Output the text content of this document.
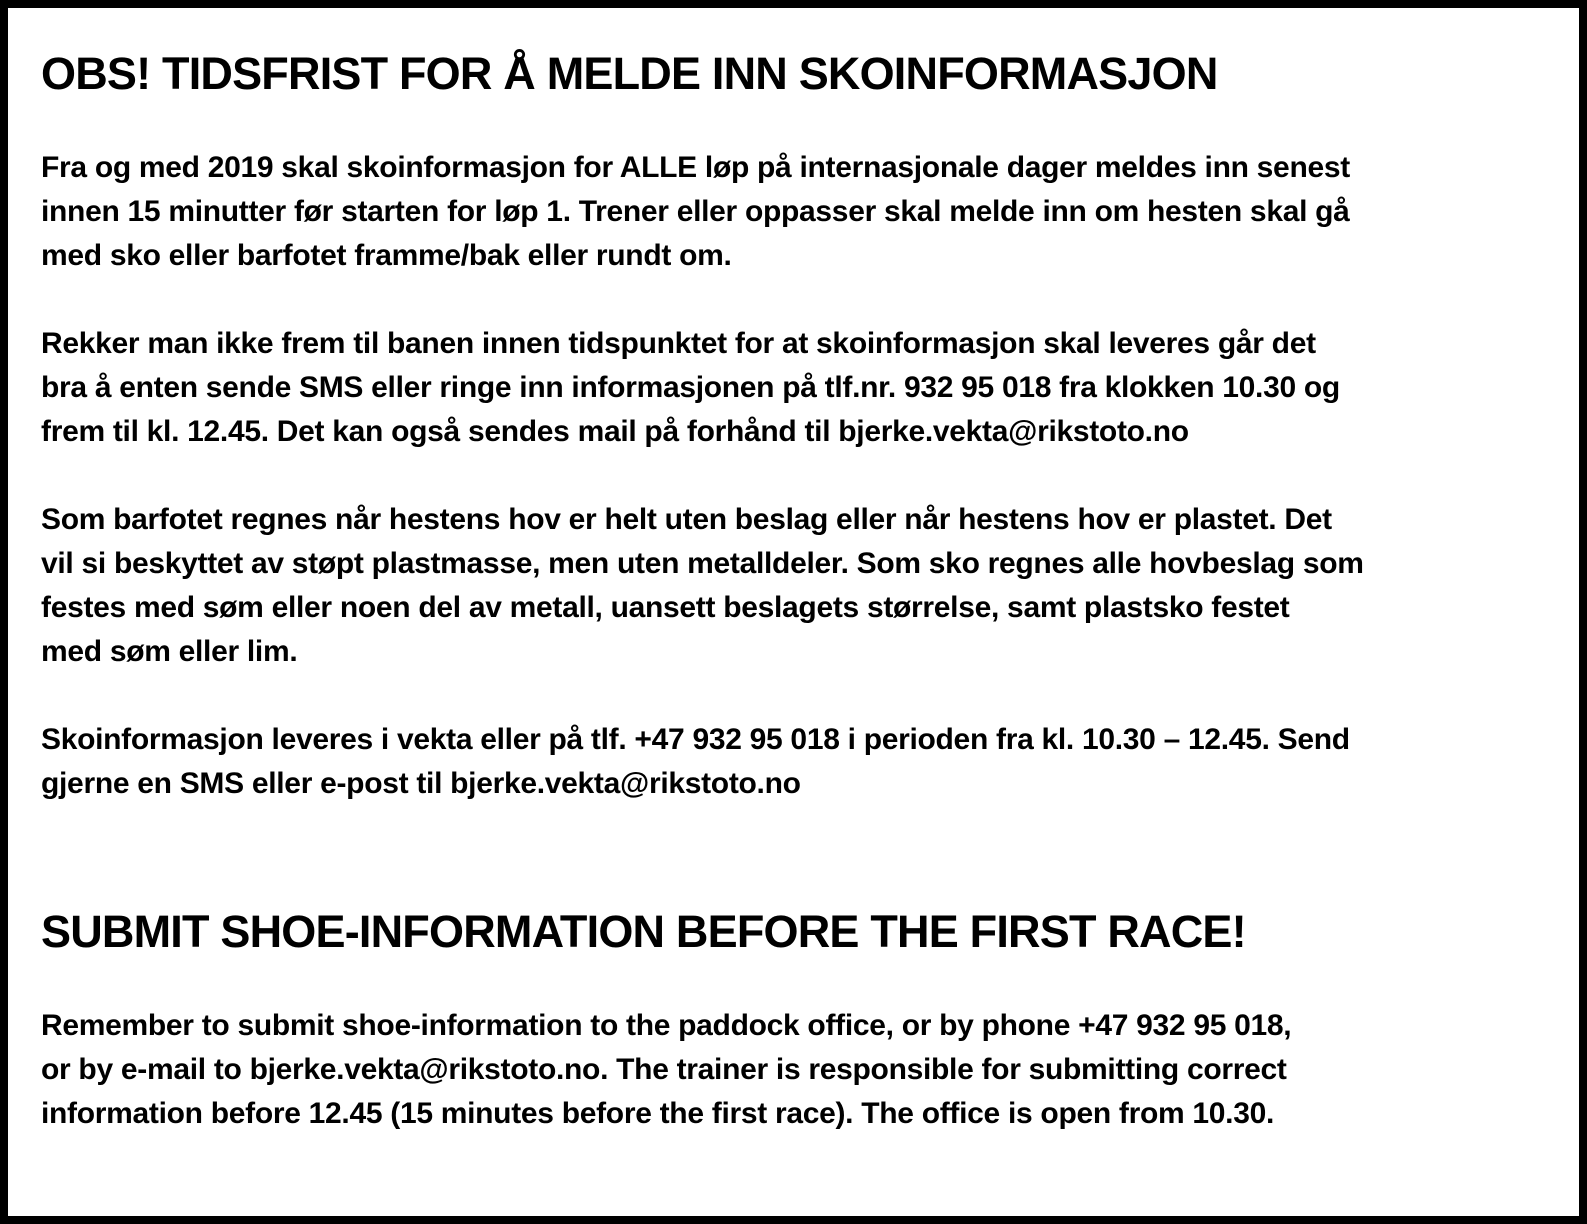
OBS! TIDSFRIST FOR Å MELDE INN SKOINFORMASJON

Fra og med 2019 skal skoinformasjon for ALLE løp på internasjonale dager meldes inn senest
innen 15 minutter før starten for løp 1. Trener eller oppasser skal melde inn om hesten skal gå
med sko eller barfotet framme/bak eller rundt om.

Rekker man ikke frem til banen innen tidspunktet for at skoinformasjon skal leveres går det
bra å enten sende SMS eller ringe inn informasjonen på tlf.nr. 932 95 018 fra klokken 10.30 og
frem til kl. 12.45. Det kan også sendes mail på forhånd til bjerke.vekta@rikstoto.no

Som barfotet regnes når hestens hov er helt uten beslag eller når hestens hov er plastet. Det
vil si beskyttet av støpt plastmasse, men uten metalldeler. Som sko regnes alle hovbeslag som
festes med søm eller noen del av metall, uansett beslagets størrelse, samt plastsko festet
med søm eller lim.

Skoinformasjon leveres i vekta eller på tlf. +47 932 95 018 i perioden fra kl. 10.30 – 12.45. Send
gjerne en SMS eller e-post til bjerke.vekta@rikstoto.no

SUBMIT SHOE-INFORMATION BEFORE THE FIRST RACE!

Remember to submit shoe-information to the paddock office, or by phone +47 932 95 018,
or by e-mail to bjerke.vekta@rikstoto.no. The trainer is responsible for submitting correct
information before 12.45 (15 minutes before the first race). The office is open from 10.30.
